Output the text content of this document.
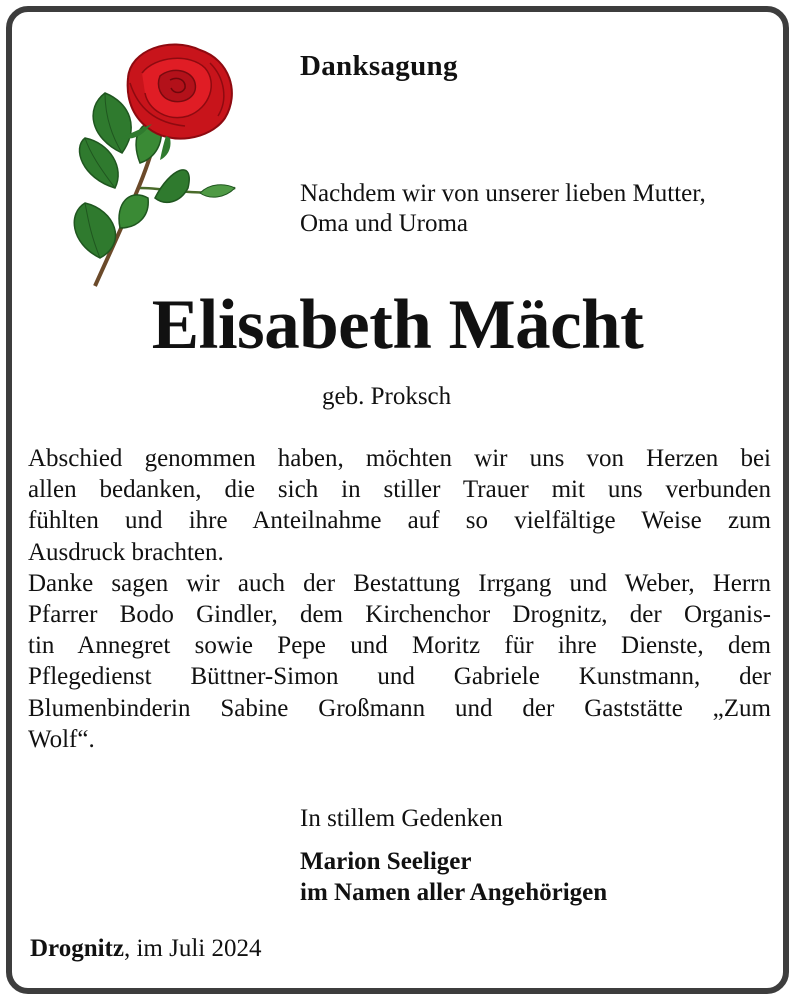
Danksagung
Nachdem wir von unserer lieben Mutter,
Oma und Uroma
Elisabeth Mächt
geb. Proksch
Abschied genommen haben, möchten wir uns von Herzen bei
allen bedanken, die sich in stiller Trauer mit uns verbunden
fühlten und ihre Anteilnahme auf so vielfältige Weise zum
Ausdruck brachten.
Danke sagen wir auch der Bestattung Irrgang und Weber, Herrn
Pfarrer Bodo Gindler, dem Kirchenchor Drognitz, der Organis-
tin Annegret sowie Pepe und Moritz für ihre Dienste, dem
Pflegedienst Büttner-Simon und Gabriele Kunstmann, der
Blumenbinderin Sabine Großmann und der Gaststätte „Zum
Wolf“.
In stillem Gedenken
Marion Seeliger
im Namen aller Angehörigen
Drognitz, im Juli 2024
